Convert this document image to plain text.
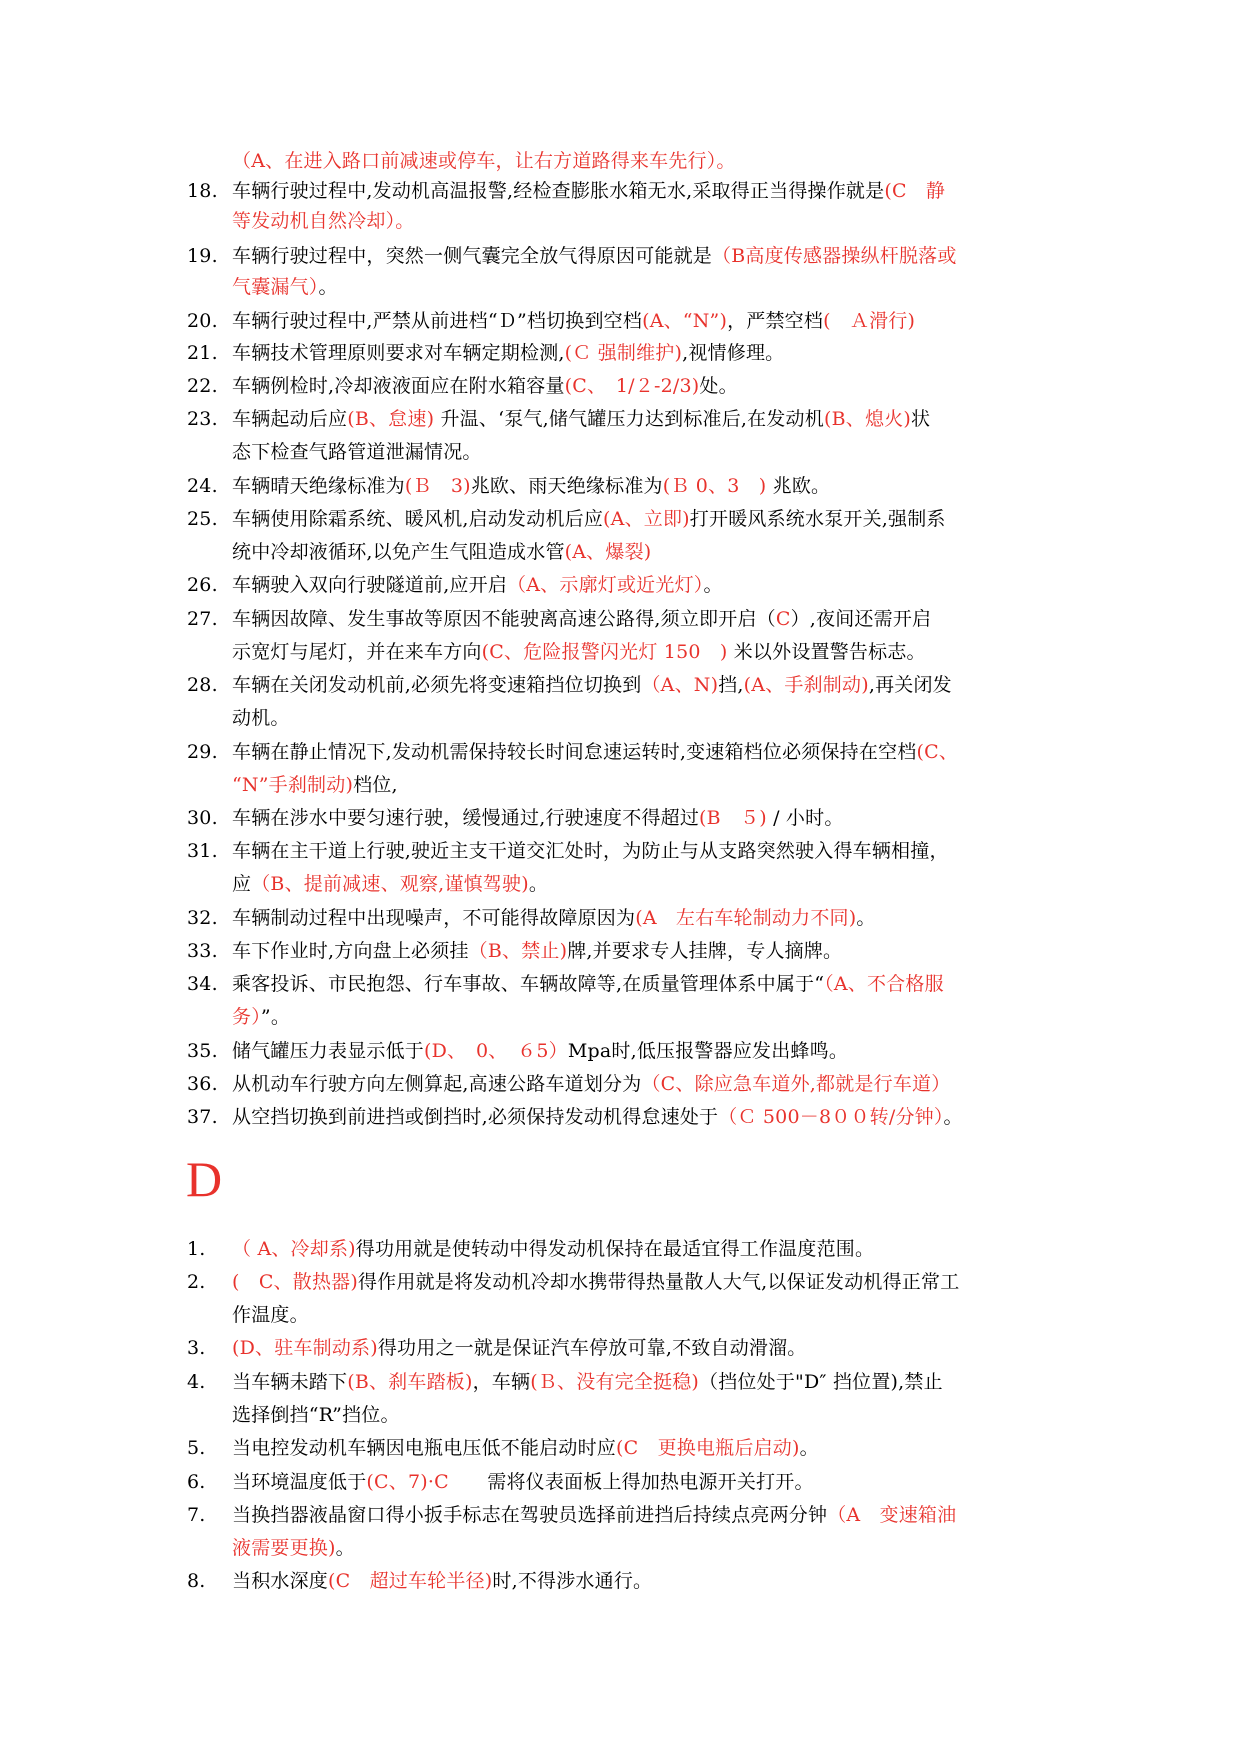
（A、在进入路口前减速或停车，让右方道路得来车先行）。
18. 车辆行驶过程中,发动机高温报警,经检查膨胀水箱无水,采取得正当得操作就是(C　静
等发动机自然冷却）。
19. 车辆行驶过程中，突然一侧气囊完全放气得原因可能就是（B高度传感器操纵杆脱落或
气囊漏气）。
20. 车辆行驶过程中,严禁从前进档“Ｄ”档切换到空档(A、“N”)，严禁空档(　Ａ滑行)
21. 车辆技术管理原则要求对车辆定期检测,(Ｃ 强制维护),视情修理。
22. 车辆例检时,冷却液液面应在附水箱容量(C、　1/２-2/3)处。
23. 车辆起动后应(B、怠速) 升温、‘泵气,储气罐压力达到标准后,在发动机(B、熄火)状
态下检查气路管道泄漏情况。
24. 车辆晴天绝缘标准为(Ｂ　3)兆欧、雨天绝缘标准为(Ｂ 0、3　) 兆欧。
25. 车辆使用除霜系统、暖风机,启动发动机后应(A、立即)打开暖风系统水泵开关,强制系
统中冷却液循环,以免产生气阻造成水管(A、爆裂)
26. 车辆驶入双向行驶隧道前,应开启（A、示廓灯或近光灯）。
27. 车辆因故障、发生事故等原因不能驶离高速公路得,须立即开启（C）,夜间还需开启
示宽灯与尾灯，并在来车方向(C、危险报警闪光灯 150　) 米以外设置警告标志。
28. 车辆在关闭发动机前,必须先将变速箱挡位切换到（A、N)挡,(A、手刹制动),再关闭发
动机。
29. 车辆在静止情况下,发动机需保持较长时间怠速运转时,变速箱档位必须保持在空档(C、
“N”手刹制动)档位,
30. 车辆在涉水中要匀速行驶，缓慢通过,行驶速度不得超过(B　５) / 小时。
31. 车辆在主干道上行驶,驶近主支干道交汇处时，为防止与从支路突然驶入得车辆相撞，
应（B、提前减速、观察,谨慎驾驶)。
32. 车辆制动过程中出现噪声，不可能得故障原因为(A　左右车轮制动力不同)。
33. 车下作业时,方向盘上必须挂（B、禁止)牌,并要求专人挂牌，专人摘牌。
34. 乘客投诉、市民抱怨、行车事故、车辆故障等,在质量管理体系中属于“（A、不合格服
务）”。
35. 储气罐压力表显示低于(D、　0、　６5）Mpa时,低压报警器应发出蜂鸣。
36. 从机动车行驶方向左侧算起,高速公路车道划分为（C、除应急车道外,都就是行车道）
37. 从空挡切换到前进挡或倒挡时,必须保持发动机得怠速处于（Ｃ 500－8００转/分钟）。
D
1. （ A、冷却系)得功用就是使转动中得发动机保持在最适宜得工作温度范围。
2. (　C、散热器)得作用就是将发动机冷却水携带得热量散人大气,以保证发动机得正常工
作温度。
3. (D、驻车制动系)得功用之一就是保证汽车停放可靠,不致自动滑溜。
4. 当车辆未踏下(B、刹车踏板)，车辆(Ｂ、没有完全挺稳)（挡位处于"D″ 挡位置),禁止
选择倒挡“R”挡位。
5. 当电控发动机车辆因电瓶电压低不能启动时应(C　更换电瓶后启动)。
6. 当环境温度低于(C、7)·C　　需将仪表面板上得加热电源开关打开。
7. 当换挡器液晶窗口得小扳手标志在驾驶员选择前进挡后持续点亮两分钟（A　变速箱油
液需要更换)。
8. 当积水深度(C　超过车轮半径)时,不得涉水通行。
